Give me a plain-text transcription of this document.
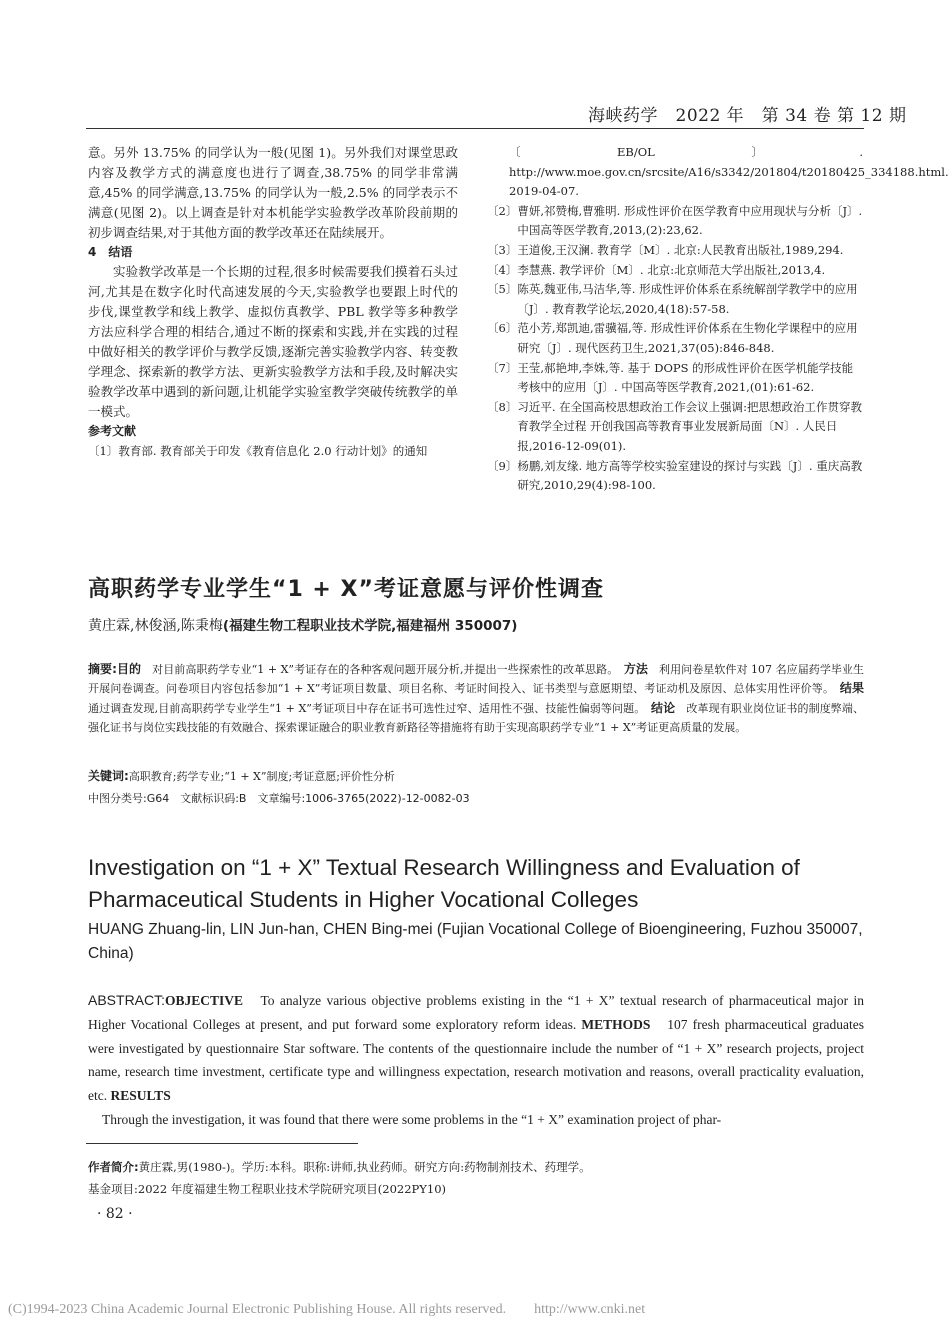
海峡药学　2022 年　第 34 卷 第 12 期

意。另外 13.75% 的同学认为一般(见图 1)。另外我们对课堂思政内容及教学方式的满意度也进行了调查,38.75% 的同学非常满意,45% 的同学满意,13.75% 的同学认为一般,2.5% 的同学表示不满意(见图 2)。以上调查是针对本机能学实验教学改革阶段前期的初步调查结果,对于其他方面的教学改革还在陆续展开。

4　结语

实验教学改革是一个长期的过程,很多时候需要我们摸着石头过河,尤其是在数字化时代高速发展的今天,实验教学也要跟上时代的步伐,课堂教学和线上教学、虚拟仿真教学、PBL 教学等多种教学方法应科学合理的相结合,通过不断的探索和实践,并在实践的过程中做好相关的教学评价与教学反馈,逐渐完善实验教学内容、转变教学理念、探索新的教学方法、更新实验教学方法和手段,及时解决实验教学改革中遇到的新问题,让机能学实验室教学突破传统教学的单一模式。

参考文献

〔1〕教育部. 教育部关于印发《教育信息化 2.0 行动计划》的通知

〔EB/OL〕. http://www.moe.gov.cn/srcsite/A16/s3342/201804/t20180425_334188.html. 2019-04-07.

〔2〕 曹妍,祁赞梅,曹雅明. 形成性评价在医学教育中应用现状与分析〔J〕. 中国高等医学教育,2013,(2):23,62.
〔3〕 王道俊,王汉澜. 教育学〔M〕. 北京:人民教育出版社,1989,294.
〔4〕 李慧燕. 教学评价〔M〕. 北京:北京师范大学出版社,2013,4.
〔5〕 陈英,魏亚伟,马洁华,等. 形成性评价体系在系统解剖学教学中的应用〔J〕. 教育教学论坛,2020,4(18):57-58.
〔6〕 范小芳,郑凯迪,雷骥福,等. 形成性评价体系在生物化学课程中的应用研究〔J〕. 现代医药卫生,2021,37(05):846-848.
〔7〕 王莹,郝艳坤,李姝,等. 基于 DOPS 的形成性评价在医学机能学技能考核中的应用〔J〕. 中国高等医学教育,2021,(01):61-62.
〔8〕 习近平. 在全国高校思想政治工作会议上强调:把思想政治工作贯穿教育教学全过程 开创我国高等教育事业发展新局面〔N〕. 人民日报,2016-12-09(01).
〔9〕 杨鹏,刘友缘. 地方高等学校实验室建设的探讨与实践〔J〕. 重庆高教研究,2010,29(4):98-100.
高职药学专业学生“1 + X”考证意愿与评价性调查
黄庄霖,林俊涵,陈秉梅(福建生物工程职业技术学院,福建福州 350007)
摘要:目的　 对目前高职药学专业“1 + X”考证存在的各种客观问题开展分析,并提出一些探索性的改革思路。　 方法　 利用问卷星软件对 107 名应届药学毕业生开展问卷调查。问卷项目内容包括参加“1 + X”考证项目数量、项目名称、考证时间投入、证书类型与意愿期望、考证动机及原因、总体实用性评价等。　 结果　通过调查发现,目前高职药学专业学生“1 + X”考证项目中存在证书可选性过窄、适用性不强、技能性偏弱等问题。　 结论　 改革现有职业岗位证书的制度弊端、强化证书与岗位实践技能的有效融合、探索课证融合的职业教育新路径等措施将有助于实现高职药学专业“1 + X”考证更高质量的发展。
关键词:高职教育;药学专业;“1 + X”制度;考证意愿;评价性分析
中图分类号:G64　文献标识码:B　文章编号:1006-3765(2022)-12-0082-03
Investigation on “1 + X” Textual Research Willingness and Evaluation of Pharmaceutical Students in Higher Vocational Colleges
HUANG Zhuang-lin, LIN Jun-han, CHEN Bing-mei (Fujian Vocational College of Bioengineering, Fuzhou 350007, China)
ABSTRACT:OBJECTIVE　 To analyze various objective problems existing in the “1 + X” textual research of pharmaceutical major in Higher Vocational Colleges at present, and put forward some exploratory reform ideas. METHODS　 107 fresh pharmaceutical graduates were investigated by questionnaire Star software. The contents of the questionnaire include the number of “1 + X” research projects, project name, research time investment, certificate type and willingness expectation, research motivation and reasons, overall practicality evaluation, etc. RESULTS
Through the investigation, it was found that there were some problems in the “1 + X” examination project of phar-
作者简介:黄庄霖,男(1980-)。学历:本科。职称:讲师,执业药师。研究方向:药物制剂技术、药理学。
基金项目:2022 年度福建生物工程职业技术学院研究项目(2022PY10)
· 82 ·
(C)1994-2023 China Academic Journal Electronic Publishing House. All rights reserved.　　http://www.cnki.net
